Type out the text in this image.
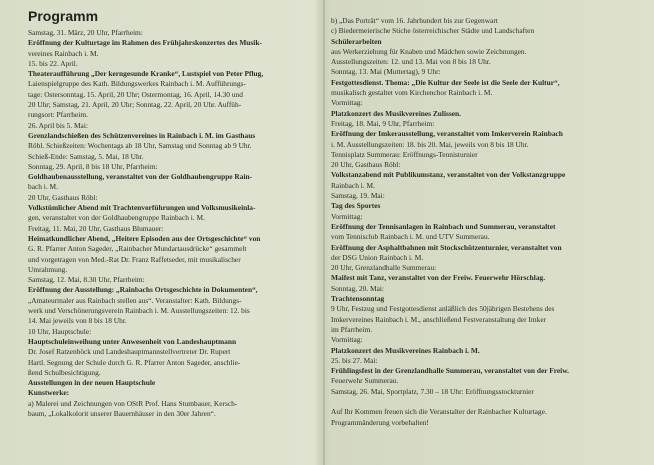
Programm
Samstag, 31. März, 20 Uhr, Pfarrheim:
Eröffnung der Kulturtage im Rahmen des Frühjahrskonzertes des Musik-
vereines Rainbach i. M.
15. bis 22. April.
Theateraufführung „Der kerngesunde Kranke“, Lustspiel von Peter Pflug,
Laienspielgruppe des Kath. Bildungswerkes Rainbach i. M. Aufführungs-
tage: Ostersonntag, 15. April, 20 Uhr; Ostermontag, 16. April, 14.30 und
20 Uhr; Samstag, 21. April, 20 Uhr; Sonntag, 22. April, 20 Uhr. Auffüh-
rungsort: Pfarrheim.
26. April bis 5. Mai:
Grenzlandschießen des Schützenvereines in Rainbach i. M. im Gasthaus
Röbl. Schießzeiten: Wochentags ab 18 Uhr, Samstag und Sonntag ab 9 Uhr.
Schieß-Ende: Samstag, 5. Mai, 18 Uhr.
Sonntag, 29. April, 8 bis 18 Uhr, Pfarrheim:
Goldhaubenausstellung, veranstaltet von der Goldhaubengruppe Rain-
bach i. M.
20 Uhr, Gasthaus Röbl:
Volkstümlicher Abend mit Trachtenvorführungen und Volksmusikeinla-
gen, veranstaltet von der Goldhaubengruppe Rainbach i. M.
Freitag, 11. Mai, 20 Uhr, Gasthaus Blumauer:
Heimatkundlicher Abend, „Heitere Episoden aus der Ortsgeschichte“ von
G. R. Pfarrer Anton Sageder, „Rainbacher Mundartausdrücke“ gesammelt
und vorgetragen von Med.-Rat Dr. Franz Raffetseder, mit musikalischer
Umrahmung.
Samstag, 12. Mai, 8.30 Uhr, Pfarrheim:
Eröffnung der Ausstellung: „Rainbachs Ortsgeschichte in Dokumenten“,
„Amateurmaler aus Rainbach stellen aus“. Veranstalter: Kath. Bildungs-
werk und Verschönerungsverein Rainbach i. M. Ausstellungszeiten: 12. bis
14. Mai jeweils von 8 bis 18 Uhr.
10 Uhr, Hauptschule:
Hauptschuleinweihung unter Anwesenheit von Landeshauptmann
Dr. Josef Ratzenböck und Landeshauptmannstellvertreter Dr. Rupert
Hartl. Segnung der Schule durch G. R. Pfarrer Anton Sageder, anschlie-
ßend Schulbesichtigung.
Ausstellungen in der neuen Hauptschule
Kunstwerke:
a) Malerei und Zeichnungen von OStR Prof. Hans Stumbauer, Kersch-
baum, „Lokalkolorit unserer Bauernhäuser in den 30er Jahren“.
b) „Das Porträt“ vom 16. Jahrhundert bis zur Gegenwart
c) Biedermeierische Stiche österreichischer Städte und Landschaften
Schülerarbeiten
aus Werkerziehung für Knaben und Mädchen sowie Zeichnungen.
Ausstellungszeiten: 12. und 13. Mai von 8 bis 18 Uhr.
Sonntag, 13. Mai (Muttertag), 9 Uhr:
Festgottesdienst. Thema: „Die Kultur der Seele ist die Seele der Kultur“,
musikalisch gestaltet vom Kirchenchor Rainbach i. M.
Vormittag:
Platzkonzert des Musikvereines Zulissen.
Freitag, 18. Mai, 9 Uhr, Pfarrheim:
Eröffnung der Imkerausstellung, veranstaltet vom Imkerverein Rainbach
i. M. Ausstellungszeiten: 18. bis 20. Mai, jeweils von 8 bis 18 Uhr.
Tennisplatz Summerau: Eröffnungs-Tennisturnier
20 Uhr, Gasthaus Röbl:
Volkstanzabend mit Publikumstanz, veranstaltet von der Volkstanzgruppe
Rainbach i. M.
Samstag, 19. Mai:
Tag des Sportes
Vormittag:
Eröffnung der Tennisanlagen in Rainbach und Summerau, veranstaltet
vom Tennisclub Rainbach i. M. und UTV Summerau.
Eröffnung der Asphaltbahnen mit Stockschützenturnier, veranstaltet von
der DSG Union Rainbach i. M.
20 Uhr, Grenzlandhalle Summerau:
Maifest mit Tanz, veranstaltet von der Freiw. Feuerwehr Hörschlag.
Sonntag, 20. Mai:
Trachtensonntag
9 Uhr, Festzug und Festgottesdienst anläßlich des 50jährigen Bestehens des
Imkervereines Rainbach i. M., anschließend Festveranstaltung der Imker
im Pfarrheim.
Vormittag:
Platzkonzert des Musikvereines Rainbach i. M.
25. bis 27. Mai:
Frühlingsfest in der Grenzlandhalle Summerau, veranstaltet von der Freiw.
Feuerwehr Summerau.
Samstag, 26. Mai, Sportplatz, 7.30 – 18 Uhr: Eröffnungsstockturnier
Auf Ihr Kommen freuen sich die Veranstalter der Rainbacher Kulturtage.
Programmänderung vorbehalten!
